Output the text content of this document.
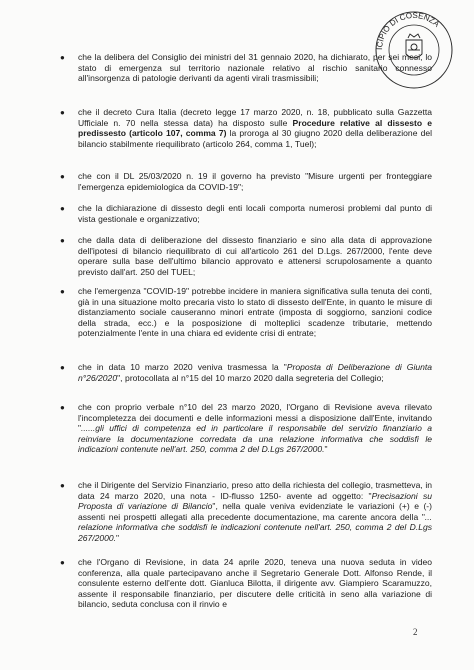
ICIPIO DI COSENZA
● che la delibera del Consiglio dei ministri del 31 gennaio 2020, ha dichiarato, per sei mesi, lo stato di emergenza sul territorio nazionale relativo al rischio sanitario connesso all'insorgenza di patologie derivanti da agenti virali trasmissibili;
● che il decreto Cura Italia (decreto legge 17 marzo 2020, n. 18, pubblicato sulla Gazzetta Ufficiale n. 70 nella stessa data) ha disposto sulle Procedure relative al dissesto e predissesto (articolo 107, comma 7) la proroga al 30 giugno 2020 della deliberazione del bilancio stabilmente riequilibrato (articolo 264, comma 1, Tuel);
● che con il DL 25/03/2020 n. 19 il governo ha previsto "Misure urgenti per fronteggiare l'emergenza epidemiologica da COVID-19";
● che la dichiarazione di dissesto degli enti locali comporta numerosi problemi dal punto di vista gestionale e organizzativo;
● che dalla data di deliberazione del dissesto finanziario e sino alla data di approvazione dell'ipotesi di bilancio riequilibrato di cui all'articolo 261 del D.Lgs. 267/2000, l'ente deve operare sulla base dell'ultimo bilancio approvato e attenersi scrupolosamente a quanto previsto dall'art. 250 del TUEL;
● che l'emergenza "COVID-19" potrebbe incidere in maniera significativa sulla tenuta dei conti, già in una situazione molto precaria visto lo stato di dissesto dell'Ente, in quanto le misure di distanziamento sociale causeranno minori entrate (imposta di soggiorno, sanzioni codice della strada, ecc.) e la posposizione di molteplici scadenze tributarie, mettendo potenzialmente l'ente in una chiara ed evidente crisi di entrate;
● che in data 10 marzo 2020 veniva trasmessa la "Proposta di Deliberazione di Giunta n°26/2020", protocollata al n°15 del 10 marzo 2020 dalla segreteria del Collegio;
● che con proprio verbale n°10 del 23 marzo 2020, l'Organo di Revisione aveva rilevato l'incompletezza dei documenti e delle informazioni messi a disposizione dall'Ente, invitando "......gli uffici di competenza ed in particolare il responsabile del servizio finanziario a reinviare la documentazione corredata da una relazione informativa che soddisfi le indicazioni contenute nell'art. 250, comma 2 del D.Lgs 267/2000."
● che il Dirigente del Servizio Finanziario, preso atto della richiesta del collegio, trasmetteva, in data 24 marzo 2020, una nota - ID-flusso 1250- avente ad oggetto: "Precisazioni su Proposta di variazione di Bilancio", nella quale veniva evidenziate le variazioni (+) e (-) assenti nei prospetti allegati alla precedente documentazione, ma carente ancora della "... relazione informativa che soddisfi le indicazioni contenute nell'art. 250, comma 2 del D.Lgs 267/2000."
● che l'Organo di Revisione, in data 24 aprile 2020, teneva una nuova seduta in video conferenza, alla quale partecipavano anche il Segretario Generale Dott. Alfonso Rende, il consulente esterno dell'ente dott. Gianluca Bilotta, il dirigente avv. Giampiero Scaramuzzo, assente il responsabile finanziario, per discutere delle criticità in seno alla variazione di bilancio, seduta conclusa con il rinvio e
2
